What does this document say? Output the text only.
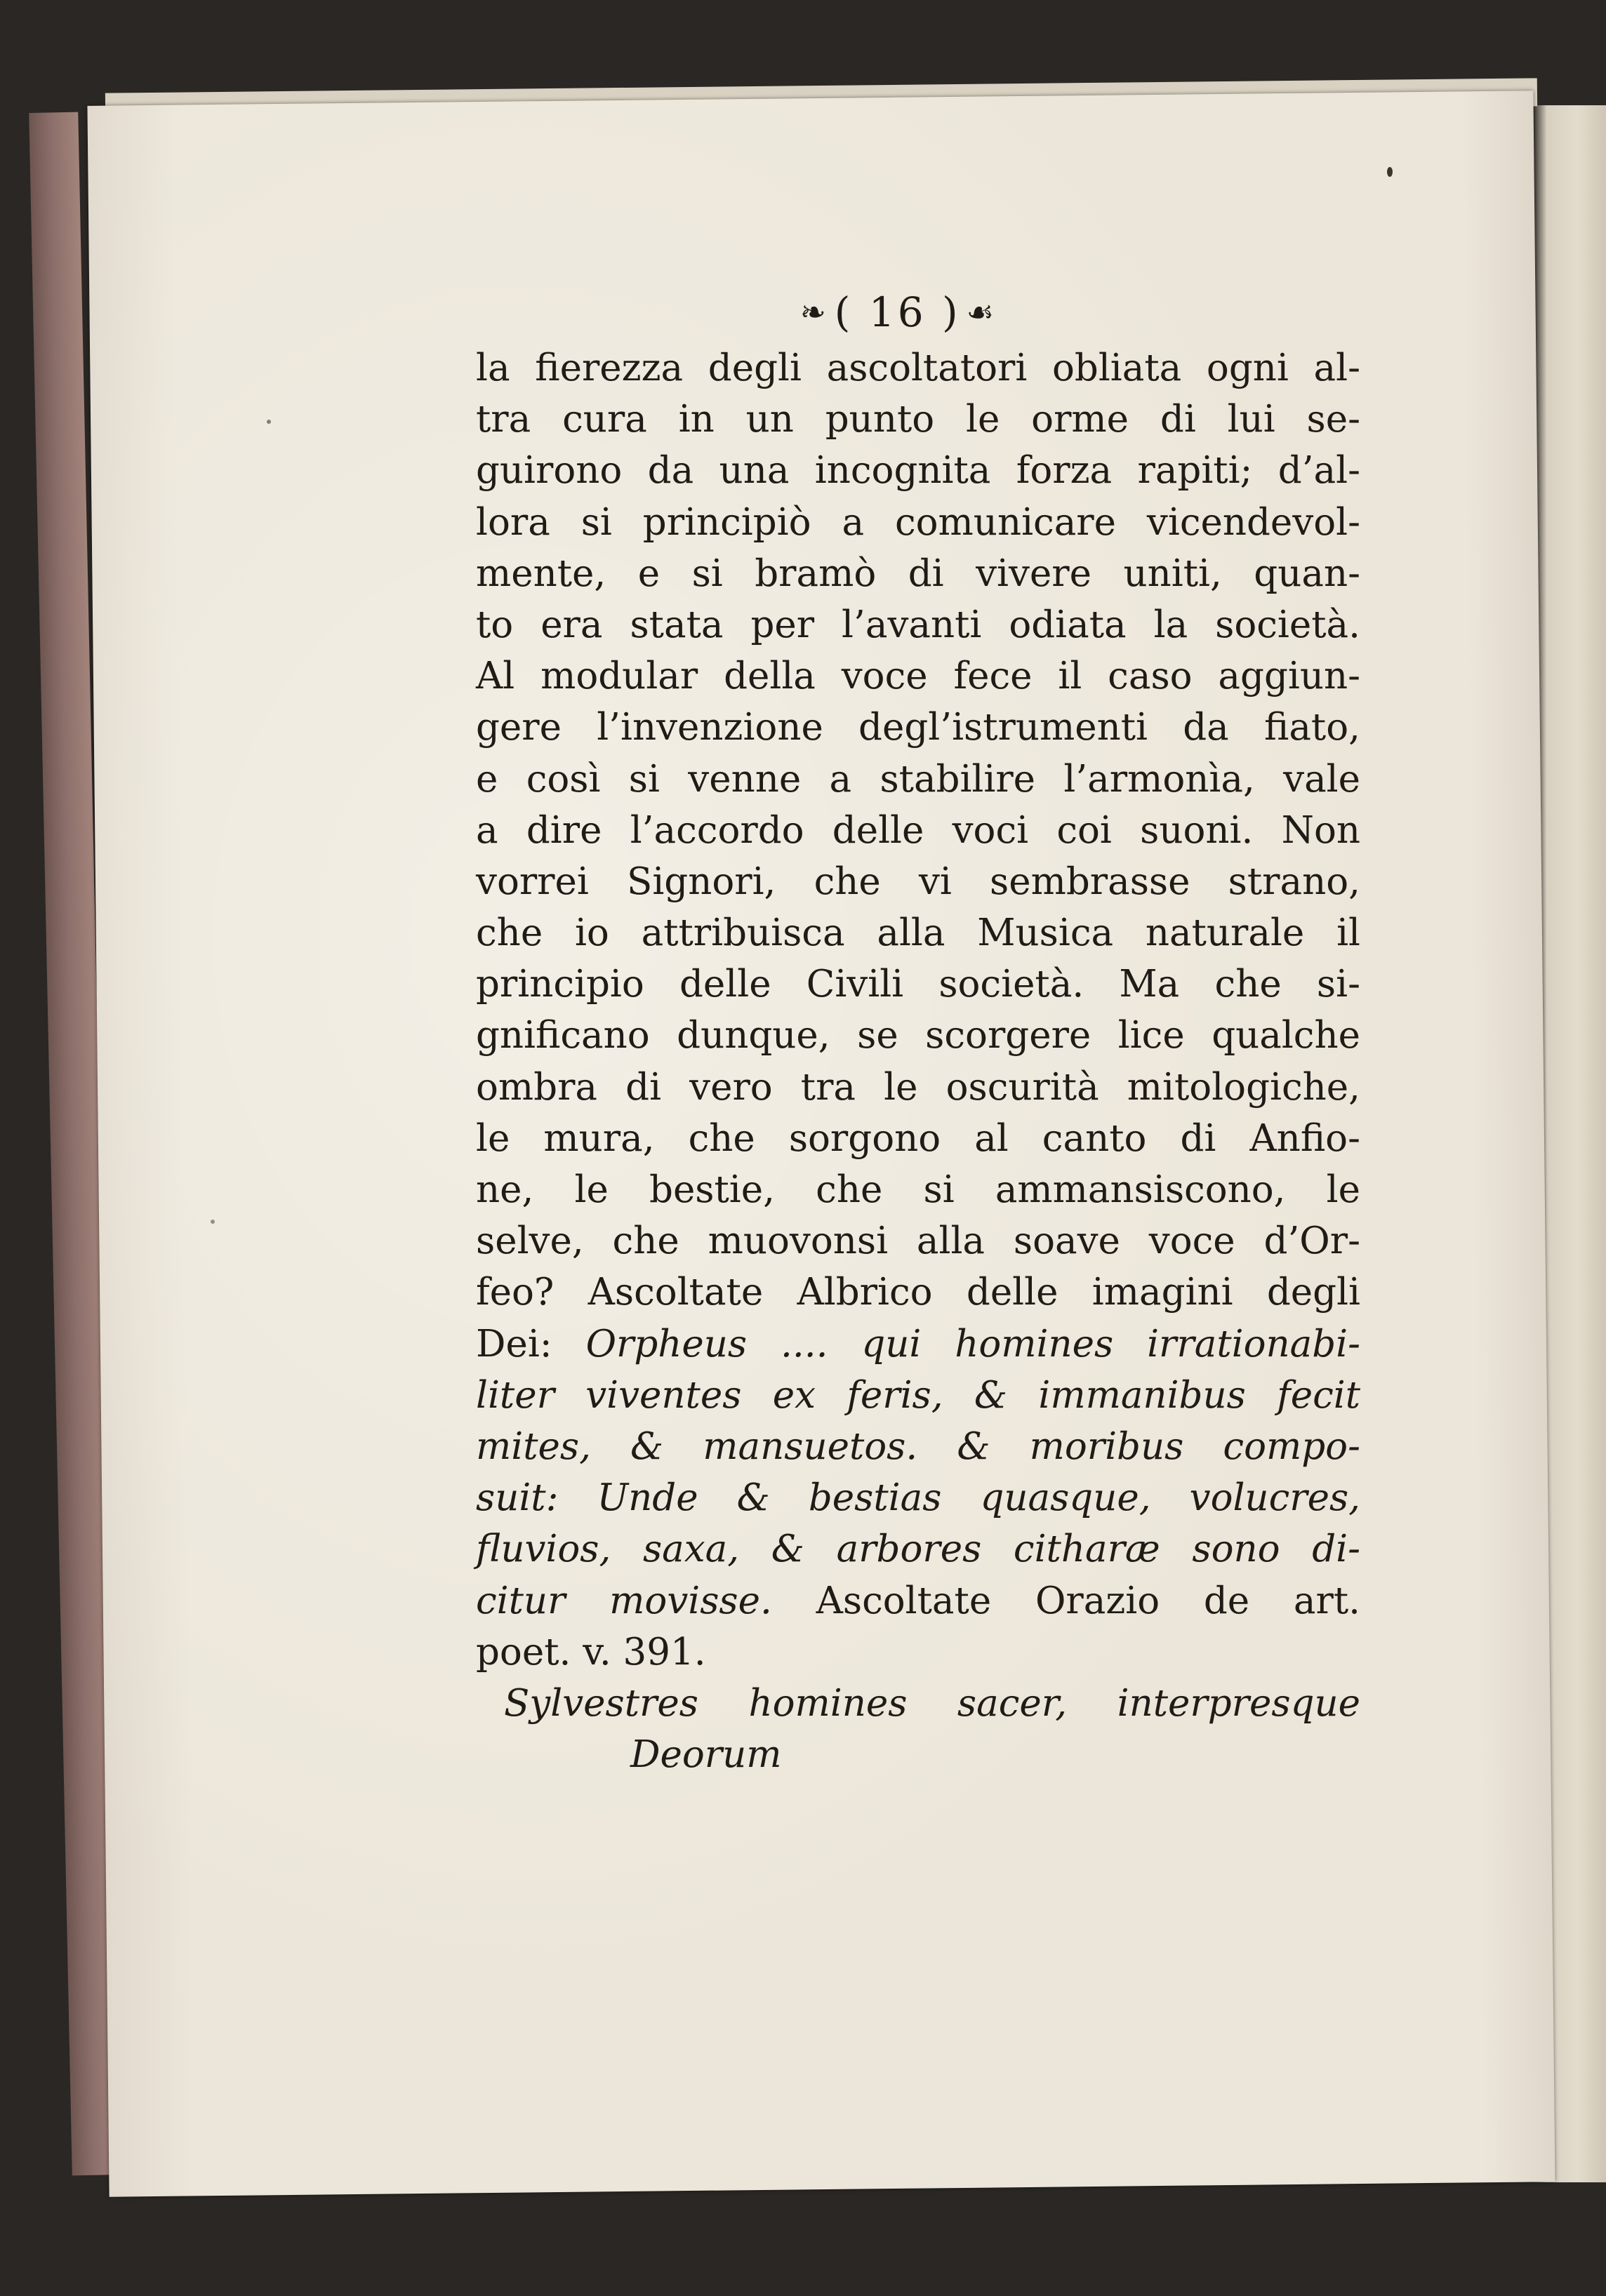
❧ ( 16 ) ☙
la fierezza degli ascoltatori obliata ogni al-
tra cura in un punto le orme di lui se-
guirono da una incognita forza rapiti; d’al-
lora si principiò a comunicare vicendevol-
mente, e si bramò di vivere uniti, quan-
to era stata per l’avanti odiata la società.
Al modular della voce fece il caso aggiun-
gere l’invenzione degl’istrumenti da fiato,
e così si venne a stabilire l’armonìa, vale
a dire l’accordo delle voci coi suoni. Non
vorrei Signori, che vi sembrasse strano,
che io attribuisca alla Musica naturale il
principio delle Civili società. Ma che si-
gnificano dunque, se scorgere lice qualche
ombra di vero tra le oscurità mitologiche,
le mura, che sorgono al canto di Anfio-
ne, le bestie, che si ammansiscono, le
selve, che muovonsi alla soave voce d’Or-
feo? Ascoltate Albrico delle imagini degli
Dei: Orpheus .... qui homines irrationabi-
liter viventes ex feris, & immanibus fecit
mites, & mansuetos. & moribus compo-
suit: Unde & bestias quasque, volucres,
fluvios, saxa, & arbores citharæ sono di-
citur movisse. Ascoltate Orazio de art.
poet. v. 391.
Sylvestres homines sacer, interpresque
Deorum
